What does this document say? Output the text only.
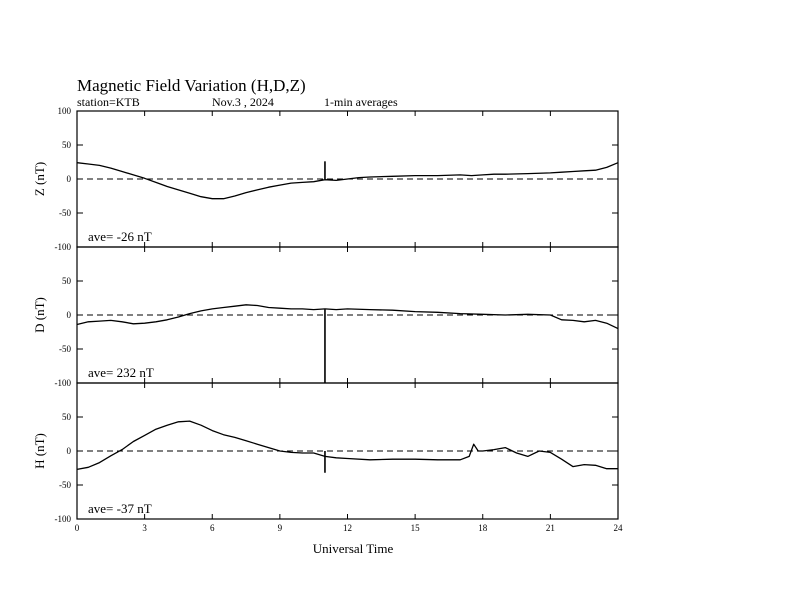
Magnetic Field Variation (H,D,Z)
station=KTB	Nov.3 , 2024	1-min averages
Universal Time
100
50
0
-50
-100
Z (nT)
ave= -26 nT
50
0
-50
-100
D (nT)
ave= 232 nT
50
0
-50
-100
H (nT)
ave= -37 nT
0	3	6	9	12	15	18	21	24
